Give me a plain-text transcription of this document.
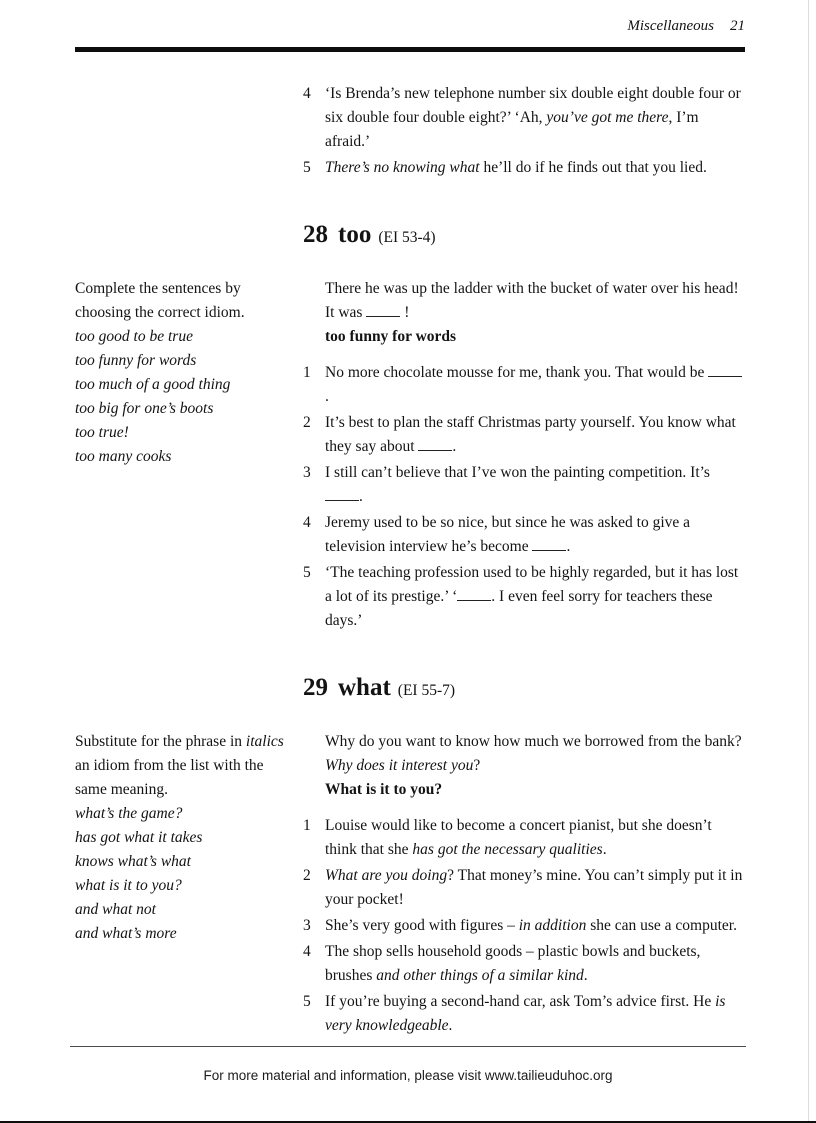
Miscellaneous 21
4 ‘Is Brenda’s new telephone number six double eight double four or six double four double eight?’ ‘Ah, you’ve got me there, I’m afraid.’
5 There’s no knowing what he’ll do if he finds out that you lied.
28 too (EI 53-4)

Complete the sentences by choosing the correct idiom.

too good to be true
too funny for words
too much of a good thing
too big for one’s boots
too true!
too many cooks

There he was up the ladder with the bucket of water over his head! It was  !

too funny for words

1 No more chocolate mousse for me, thank you. That would be .
2 It’s best to plan the staff Christmas party yourself. You know what they say about .
3 I still can’t believe that I’ve won the painting competition. It’s .
4 Jeremy used to be so nice, but since he was asked to give a television interview he’s become .
5 ‘The teaching profession used to be highly regarded, but it has lost a lot of its prestige.’ ‘ . I even feel sorry for teachers these days.’
29 what (EI 55-7)

Substitute for the phrase in italics an idiom from the list with the same meaning.

what’s the game?
has got what it takes
knows what’s what
what is it to you?
and what not
and what’s more

Why do you want to know how much we borrowed from the bank? Why does it interest you?

What is it to you?

1 Louise would like to become a concert pianist, but she doesn’t think that she has got the necessary qualities.
2 What are you doing? That money’s mine. You can’t simply put it in your pocket!
3 She’s very good with figures – in addition she can use a computer.
4 The shop sells household goods – plastic bowls and buckets, brushes and other things of a similar kind.
5 If you’re buying a second-hand car, ask Tom’s advice first. He is very knowledgeable.
For more material and information, please visit www.tailieuduhoc.org
